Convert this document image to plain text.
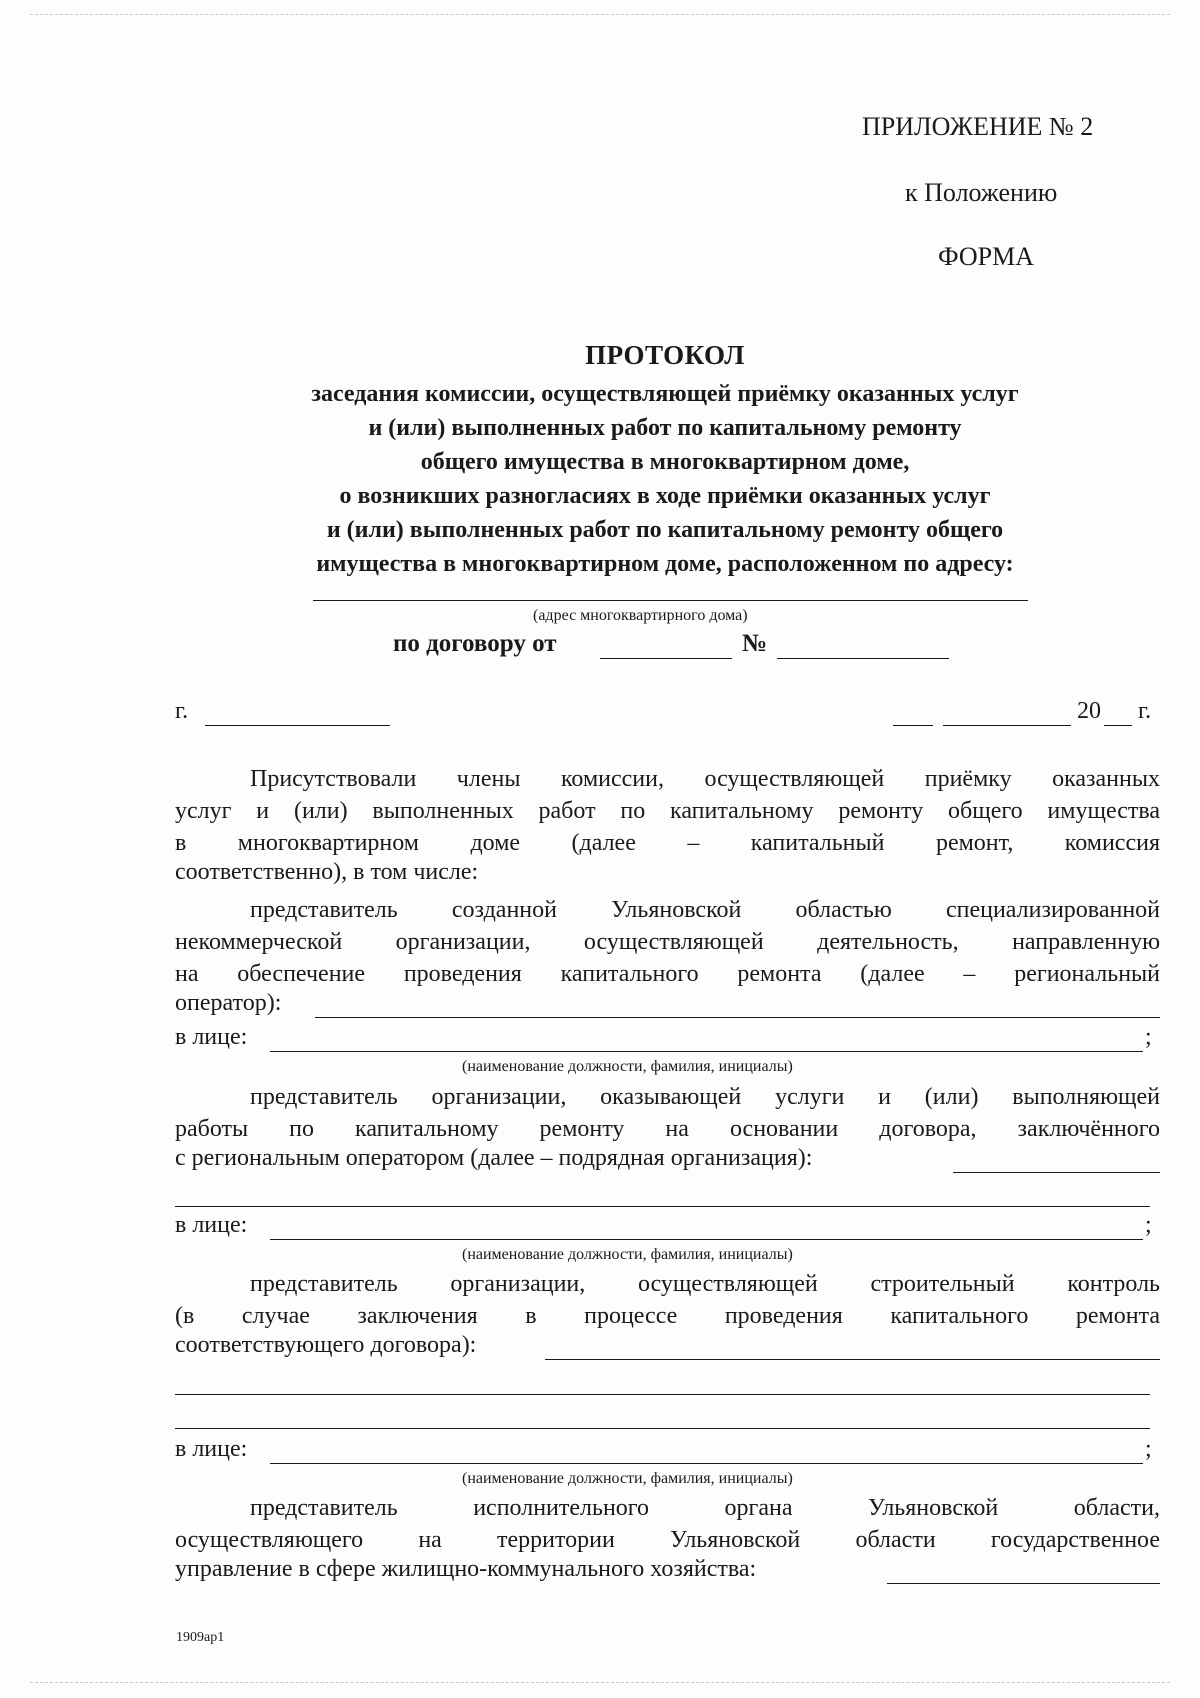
ПРИЛОЖЕНИЕ № 2
к Положению
ФОРМА
ПРОТОКОЛ
заседания комиссии, осуществляющей приёмку оказанных услуг
и (или) выполненных работ по капитальному ремонту
общего имущества в многоквартирном доме,
о возникших разногласиях в ходе приёмки оказанных услуг
и (или) выполненных работ по капитальному ремонту общего
имущества в многоквартирном доме, расположенном по адресу:
(адрес многоквартирного дома)
по договору от	№
г.	20 г.
Присутствовали члены комиссии, осуществляющей приёмку оказанных
услуг и (или) выполненных работ по капитальному ремонту общего имущества
в многоквартирном доме (далее – капитальный ремонт, комиссия
соответственно), в том числе:
представитель созданной Ульяновской областью специализированной
некоммерческой организации, осуществляющей деятельность, направленную
на обеспечение проведения капитального ремонта (далее – региональный
оператор):
в лице:	;
(наименование должности, фамилия, инициалы)
представитель организации, оказывающей услуги и (или) выполняющей
работы по капитальному ремонту на основании договора, заключённого
с региональным оператором (далее – подрядная организация):
в лице:	;
(наименование должности, фамилия, инициалы)
представитель организации, осуществляющей строительный контроль
(в случае заключения в процессе проведения капитального ремонта
соответствующего договора):
в лице:	;
(наименование должности, фамилия, инициалы)
представитель исполнительного органа Ульяновской области,
осуществляющего на территории Ульяновской области государственное
управление в сфере жилищно-коммунального хозяйства:
1909ap1
